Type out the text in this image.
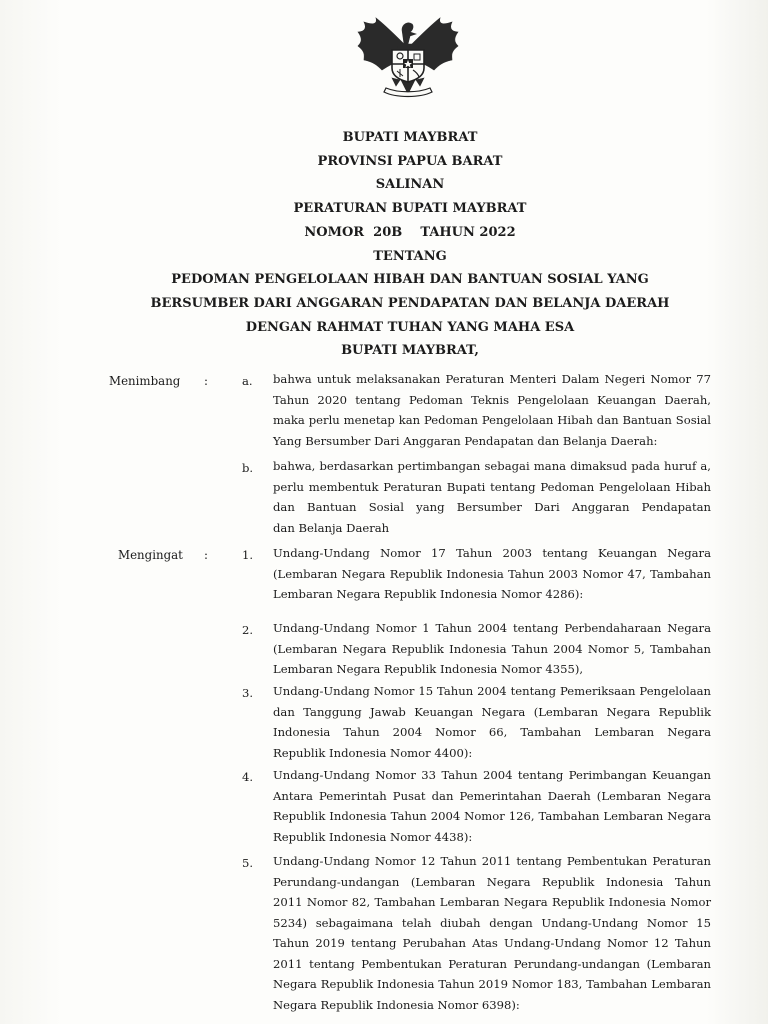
BUPATI MAYBRAT
PROVINSI PAPUA BARAT
SALINAN
PERATURAN BUPATI MAYBRAT
NOMOR  20B    TAHUN 2022
TENTANG
PEDOMAN PENGELOLAAN HIBAH DAN BANTUAN SOSIAL YANG
BERSUMBER DARI ANGGARAN PENDAPATAN DAN BELANJA DAERAH
DENGAN RAHMAT TUHAN YANG MAHA ESA
BUPATI MAYBRAT,
Menimbang :	a. bahwa untuk melaksanakan Peraturan Menteri Dalam Negeri Nomor 77
Tahun 2020 tentang Pedoman Teknis Pengelolaan Keuangan Daerah,
maka perlu menetap kan Pedoman Pengelolaan Hibah dan Bantuan Sosial
Yang Bersumber Dari Anggaran Pendapatan dan Belanja Daerah:
b. bahwa, berdasarkan pertimbangan sebagai mana dimaksud pada huruf a,
perlu membentuk Peraturan Bupati tentang Pedoman Pengelolaan Hibah
dan Bantuan Sosial yang Bersumber Dari Anggaran Pendapatan
dan Belanja Daerah
Mengingat :	1. Undang-Undang Nomor 17 Tahun 2003 tentang Keuangan Negara
(Lembaran Negara Republik Indonesia Tahun 2003 Nomor 47, Tambahan
Lembaran Negara Republik Indonesia Nomor 4286):
2. Undang-Undang Nomor 1 Tahun 2004 tentang Perbendaharaan Negara
(Lembaran Negara Republik Indonesia Tahun 2004 Nomor 5, Tambahan
Lembaran Negara Republik Indonesia Nomor 4355),
3. Undang-Undang Nomor 15 Tahun 2004 tentang Pemeriksaan Pengelolaan
dan Tanggung Jawab Keuangan Negara (Lembaran Negara Republik
Indonesia Tahun 2004 Nomor 66, Tambahan Lembaran Negara
Republik Indonesia Nomor 4400):
4. Undang-Undang Nomor 33 Tahun 2004 tentang Perimbangan Keuangan
Antara Pemerintah Pusat dan Pemerintahan Daerah (Lembaran Negara
Republik Indonesia Tahun 2004 Nomor 126, Tambahan Lembaran Negara
Republik Indonesia Nomor 4438):
5. Undang-Undang Nomor 12 Tahun 2011 tentang Pembentukan Peraturan
Perundang-undangan (Lembaran Negara Republik Indonesia Tahun
2011 Nomor 82, Tambahan Lembaran Negara Republik Indonesia Nomor
5234) sebagaimana telah diubah dengan Undang-Undang Nomor 15
Tahun 2019 tentang Perubahan Atas Undang-Undang Nomor 12 Tahun
2011 tentang Pembentukan Peraturan Perundang-undangan (Lembaran
Negara Republik Indonesia Tahun 2019 Nomor 183, Tambahan Lembaran
Negara Republik Indonesia Nomor 6398):
